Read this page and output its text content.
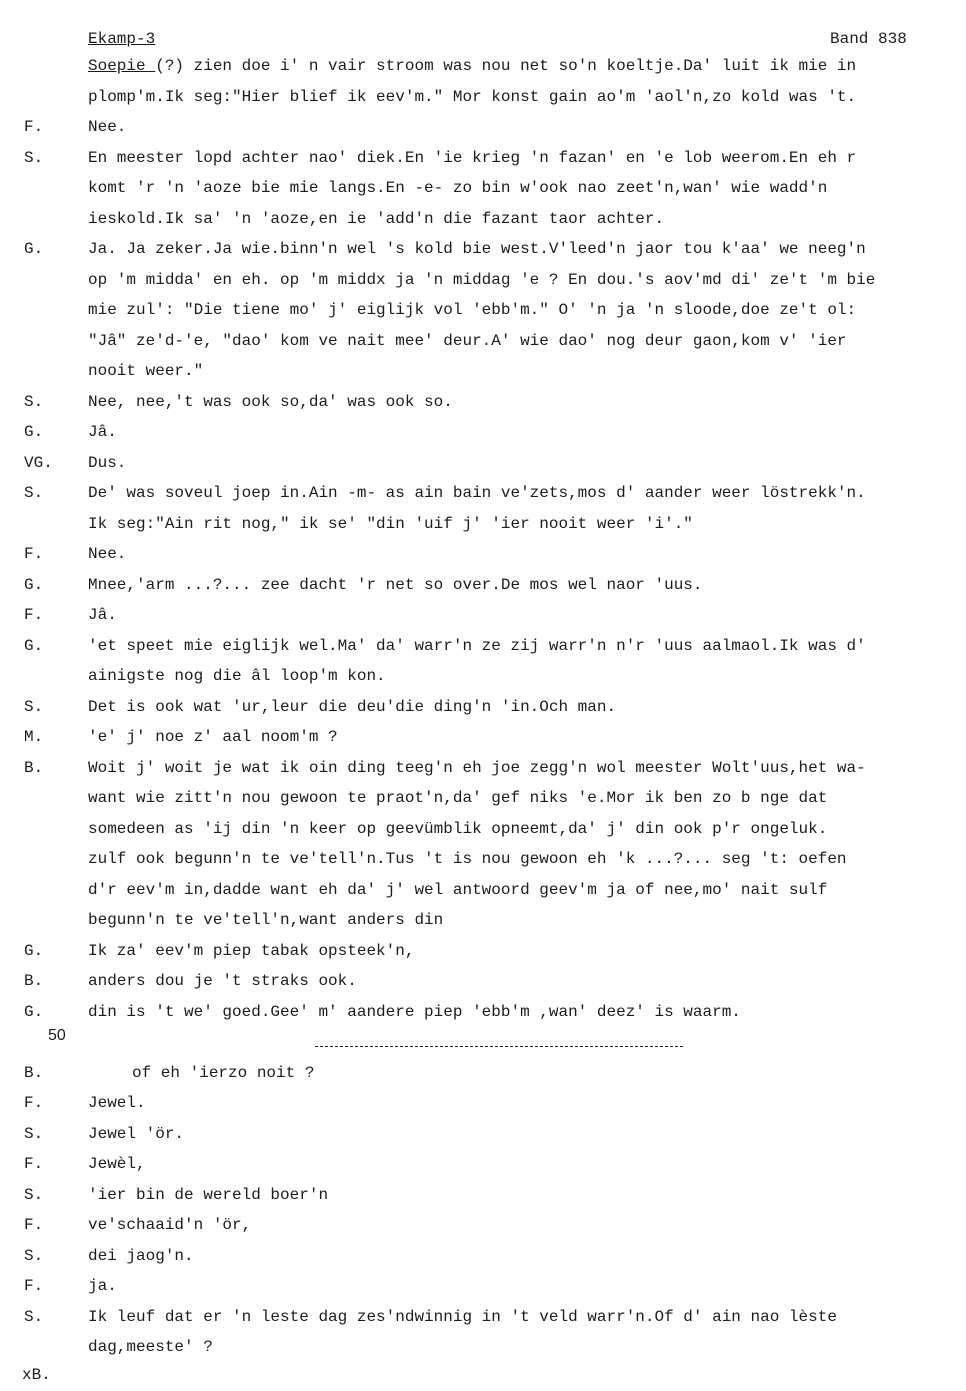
Ekamp-3	Band 838
Soepie (?) zien doe i' n vair stroom was nou net so'n koeltje.Da' luit ik mie in
plomp'm.Ik seg:"Hier blief ik eev'm." Mor konst gain ao'm 'aol'n,zo kold was 't.
F.	Nee.
S.	En meester lopd achter nao' diek.En 'ie krieg 'n fazan' en 'e lob weerom.En eh r
komt 'r 'n 'aoze bie mie langs.En -e- zo bin w'ook nao zeet'n,wan' wie wadd'n
ieskold.Ik sa' 'n 'aoze,en ie 'add'n die fazant taor achter.
G.	Ja. Ja zeker.Ja wie.binn'n wel 's kold bie west.V'leed'n jaor tou k'aa' we neeg'n
op 'm midda' en eh. op 'm middx ja 'n middag 'e ? En dou.'s aov'md di' ze't 'm bie
mie zul': "Die tiene mo' j' eiglijk vol 'ebb'm." O' 'n ja 'n sloode,doe ze't ol:
"Jâ" ze'd-'e, "dao' kom ve nait mee' deur.A' wie dao' nog deur gaon,kom v' 'ier
nooit weer."
S.	Nee, nee,'t was ook so,da' was ook so.
G.	Jâ.
VG. Dus.
S.	De' was soveul joep in.Ain -m- as ain bain ve'zets,mos d' aander weer löstrekk'n.
Ik seg:"Ain rit nog," ik se' "din 'uif j' 'ier nooit weer 'i'."
F.	Nee.
G.	Mnee,'arm ...?... zee dacht 'r net so over.De mos wel naor 'uus.
F.	Jâ.
G.	'et speet mie eiglijk wel.Ma' da' warr'n ze zij warr'n n'r 'uus aalmaol.Ik was d'
ainigste nog die âl loop'm kon.
S.	Det is ook wat 'ur,leur die deu'die ding'n 'in.Och man.
M.	'e' j' noe z' aal noom'm ?
B.	Woit j' woit je wat ik oin ding teeg'n eh joe zegg'n wol meester Wolt'uus,het wa-
want wie zitt'n nou gewoon te praot'n,da' gef niks 'e.Mor ik ben zo b nge dat
somedeen as 'ij din 'n keer op geevümblik opneemt,da' j' din ook p'r ongeluk.
zulf ook begunn'n te ve'tell'n.Tus 't is nou gewoon eh 'k ...?... seg 't: oefen
d'r eev'm in,dadde want eh da' j' wel antwoord geev'm ja of nee,mo' nait sulf
begunn'n te ve'tell'n,want anders din
G.	Ik za' eev'm piep tabak opsteek'n,
B.	anders dou je 't straks ook.
G.	din is 't we' goed.Gee' m' aandere piep 'ebb'm ,wan' deez' is waarm.
B.	of eh 'ierzo noit ?
F.	Jewel.
S.	Jewel 'ör.
F.	Jewèl,
S.	'ier bin de wereld boer'n
F.	ve'schaaid'n 'ör,
S.	dei jaog'n.
F.	ja.
S.	Ik leuf dat er 'n leste dag zes'ndwinnig in 't veld warr'n.Of d' ain nao lèste
dag,meeste' ?
50
xB.
